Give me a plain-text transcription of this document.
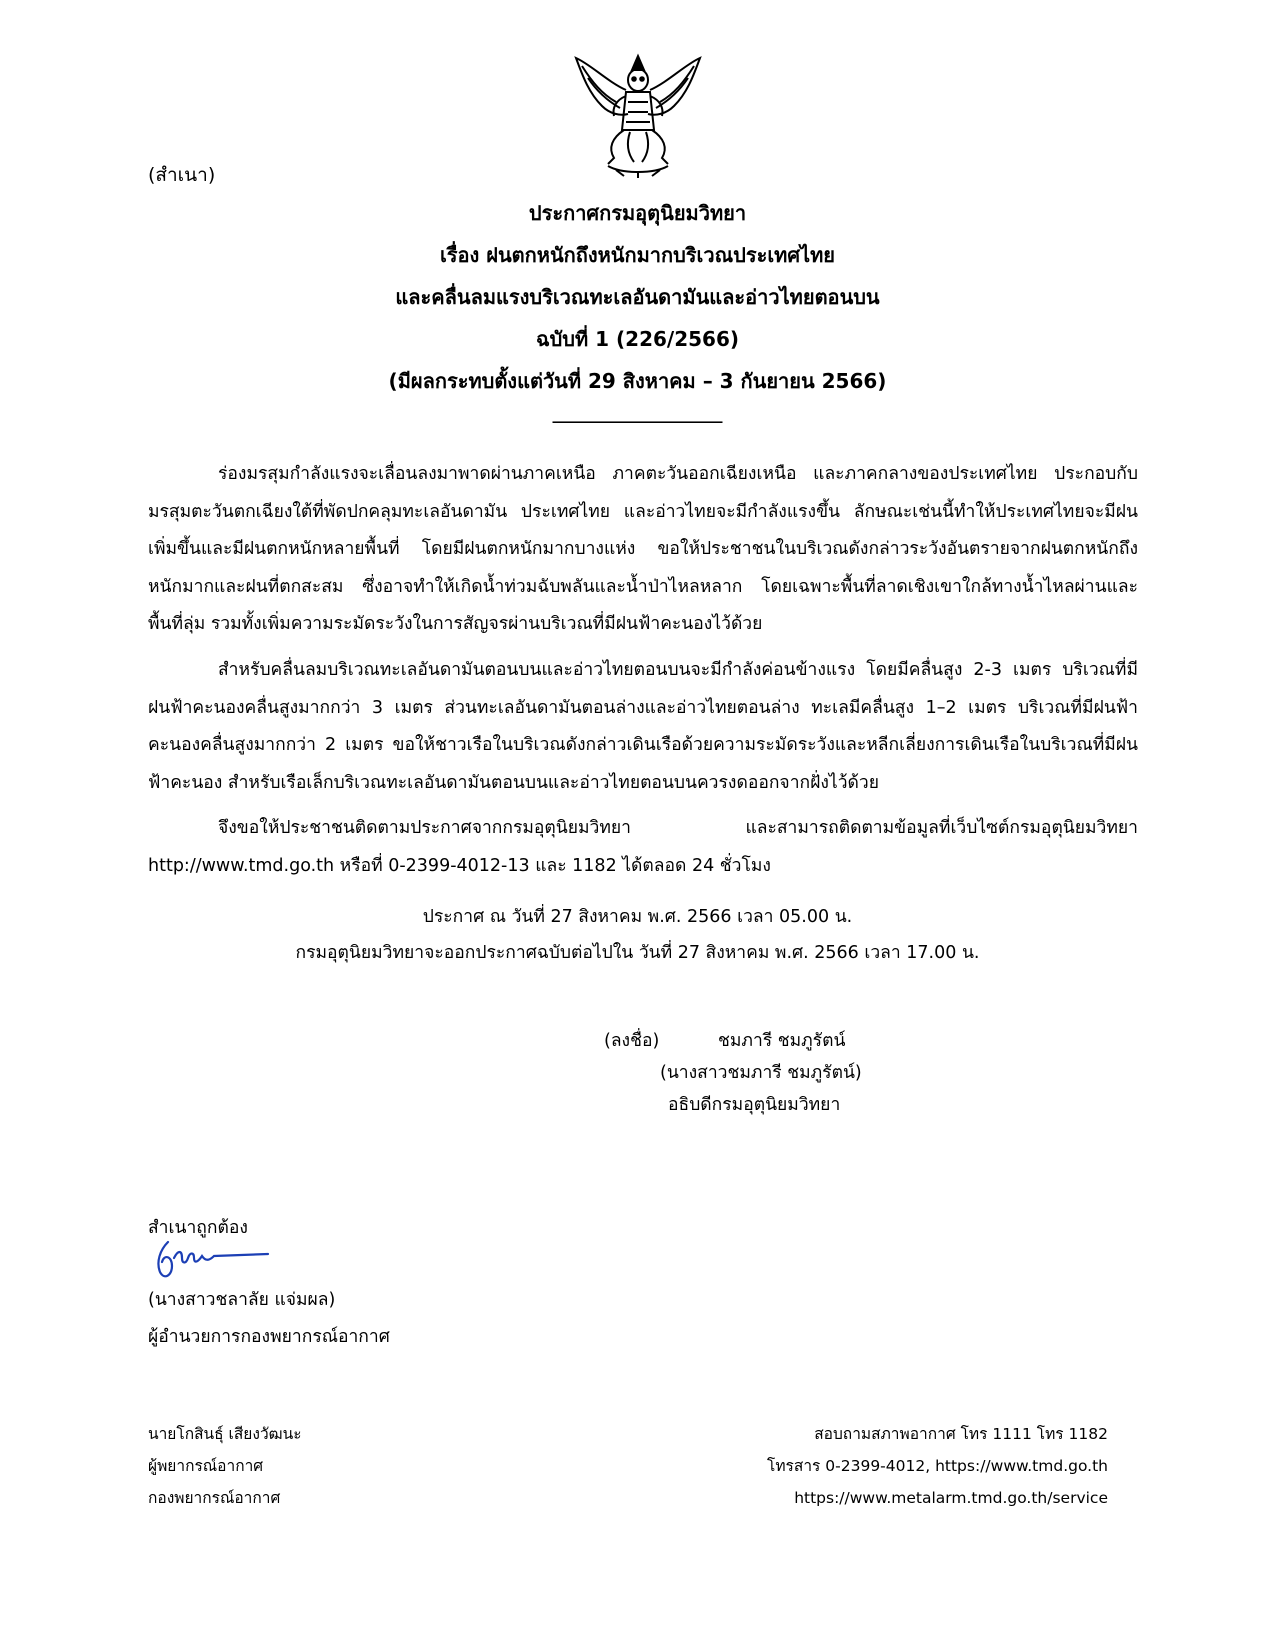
(สำเนา)
ประกาศกรมอุตุนิยมวิทยา
เรื่อง ฝนตกหนักถึงหนักมากบริเวณประเทศไทย
และคลื่นลมแรงบริเวณทะเลอันดามันและอ่าวไทยตอนบน
ฉบับที่ 1 (226/2566)
(มีผลกระทบตั้งแต่วันที่ 29 สิงหาคม – 3 กันยายน 2566)
____________________
ร่องมรสุมกำลังแรงจะเลื่อนลงมาพาดผ่านภาคเหนือ ภาคตะวันออกเฉียงเหนือ และภาคกลางของประเทศไทย ประกอบกับมรสุมตะวันตกเฉียงใต้ที่พัดปกคลุมทะเลอันดามัน ประเทศไทย และอ่าวไทยจะมีกำลังแรงขึ้น ลักษณะเช่นนี้ทำให้ประเทศไทยจะมีฝนเพิ่มขึ้นและมีฝนตกหนักหลายพื้นที่ โดยมีฝนตกหนักมากบางแห่ง ขอให้ประชาชนในบริเวณดังกล่าวระวังอันตรายจากฝนตกหนักถึงหนักมากและฝนที่ตกสะสม ซึ่งอาจทำให้เกิดน้ำท่วมฉับพลันและน้ำป่าไหลหลาก โดยเฉพาะพื้นที่ลาดเชิงเขาใกล้ทางน้ำไหลผ่านและพื้นที่ลุ่ม รวมทั้งเพิ่มความระมัดระวังในการสัญจรผ่านบริเวณที่มีฝนฟ้าคะนองไว้ด้วย
สำหรับคลื่นลมบริเวณทะเลอันดามันตอนบนและอ่าวไทยตอนบนจะมีกำลังค่อนข้างแรง โดยมีคลื่นสูง 2-3 เมตร บริเวณที่มีฝนฟ้าคะนองคลื่นสูงมากกว่า 3 เมตร ส่วนทะเลอันดามันตอนล่างและอ่าวไทยตอนล่าง ทะเลมีคลื่นสูง 1–2 เมตร บริเวณที่มีฝนฟ้าคะนองคลื่นสูงมากกว่า 2 เมตร ขอให้ชาวเรือในบริเวณดังกล่าวเดินเรือด้วยความระมัดระวังและหลีกเลี่ยงการเดินเรือในบริเวณที่มีฝนฟ้าคะนอง สำหรับเรือเล็กบริเวณทะเลอันดามันตอนบนและอ่าวไทยตอนบนควรงดออกจากฝั่งไว้ด้วย
จึงขอให้ประชาชนติดตามประกาศจากกรมอุตุนิยมวิทยา และสามารถติดตามข้อมูลที่เว็บไซต์กรมอุตุนิยมวิทยา http://www.tmd.go.th หรือที่ 0-2399-4012-13 และ 1182 ได้ตลอด 24 ชั่วโมง
ประกาศ ณ วันที่ 27 สิงหาคม พ.ศ. 2566 เวลา 05.00 น.
กรมอุตุนิยมวิทยาจะออกประกาศฉบับต่อไปใน วันที่ 27 สิงหาคม พ.ศ. 2566 เวลา 17.00 น.
(ลงชื่อ)	ชมภารี ชมภูรัตน์
(นางสาวชมภารี ชมภูรัตน์)
อธิบดีกรมอุตุนิยมวิทยา
สำเนาถูกต้อง
(นางสาวชลาลัย แจ่มผล)
ผู้อำนวยการกองพยากรณ์อากาศ
นายโกสินธุ์ เสียงวัฒนะ
ผู้พยากรณ์อากาศ
กองพยากรณ์อากาศ
สอบถามสภาพอากาศ โทร 1111 โทร 1182
โทรสาร 0-2399-4012, https://www.tmd.go.th
https://www.metalarm.tmd.go.th/service
